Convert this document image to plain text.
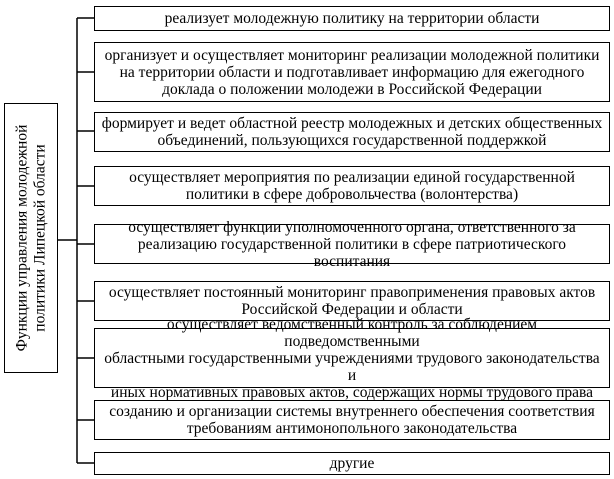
Функции управления молодежной политики Липецкой области
реализует молодежную политику на территории области
организует и осуществляет мониторинг реализации молодежной политики
на территории области и подготавливает информацию для ежегодного
доклада о положении молодежи в Российской Федерации
формирует и ведет областной реестр молодежных и детских общественных
объединений, пользующихся государственной поддержкой
осуществляет мероприятия по реализации единой государственной
политики в сфере добровольчества (волонтерства)
осуществляет функции уполномоченного органа, ответственного за
реализацию государственной политики в сфере патриотического воспитания
осуществляет постоянный мониторинг правоприменения правовых актов
Российской Федерации и области
осуществляет ведомственный контроль за соблюдением подведомственными
областными государственными учреждениями трудового законодательства и
иных нормативных правовых актов, содержащих нормы трудового права
созданию и организации системы внутреннего обеспечения соответствия
требованиям антимонопольного законодательства
другие
